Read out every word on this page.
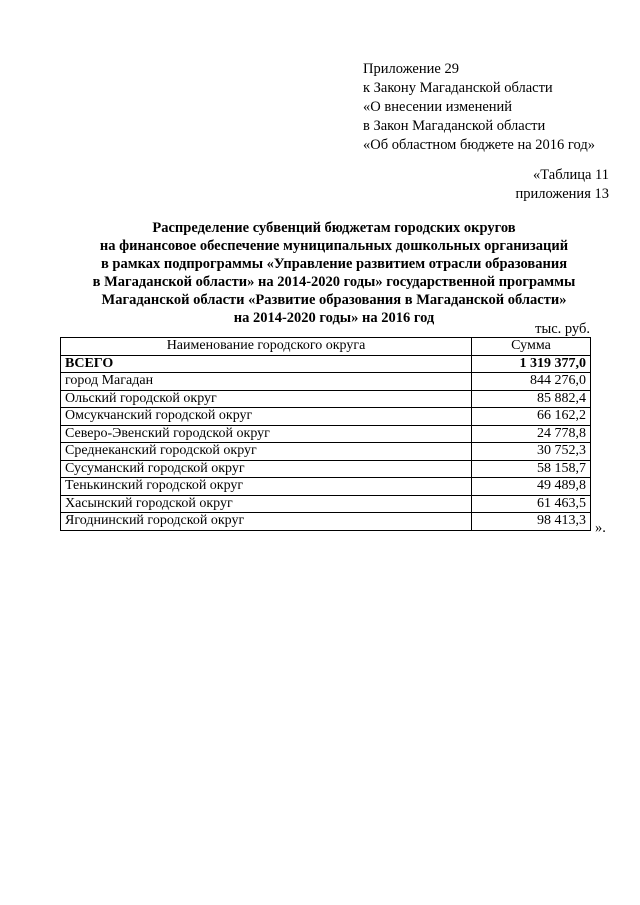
Приложение 29
к Закону Магаданской области
«О внесении изменений
в Закон Магаданской области
«Об областном бюджете на 2016 год»
«Таблица 11
приложения 13
Распределение субвенций бюджетам городских округов
на финансовое обеспечение муниципальных дошкольных организаций
в рамках подпрограммы «Управление развитием отрасли образования
в Магаданской области» на 2014-2020 годы» государственной программы
Магаданской области «Развитие образования в Магаданской области»
на 2014-2020 годы» на 2016 год
тыс. руб.
Наименование городского округа	Сумма
ВСЕГО	1 319 377,0
город Магадан	844 276,0
Ольский городской округ	85 882,4
Омсукчанский городской округ	66 162,2
Северо-Эвенский городской округ	24 778,8
Среднеканский городской округ	30 752,3
Сусуманский городской округ	58 158,7
Тенькинский городской округ	49 489,8
Хасынский городской округ	61 463,5
Ягоднинский городской округ	98 413,3 ».
